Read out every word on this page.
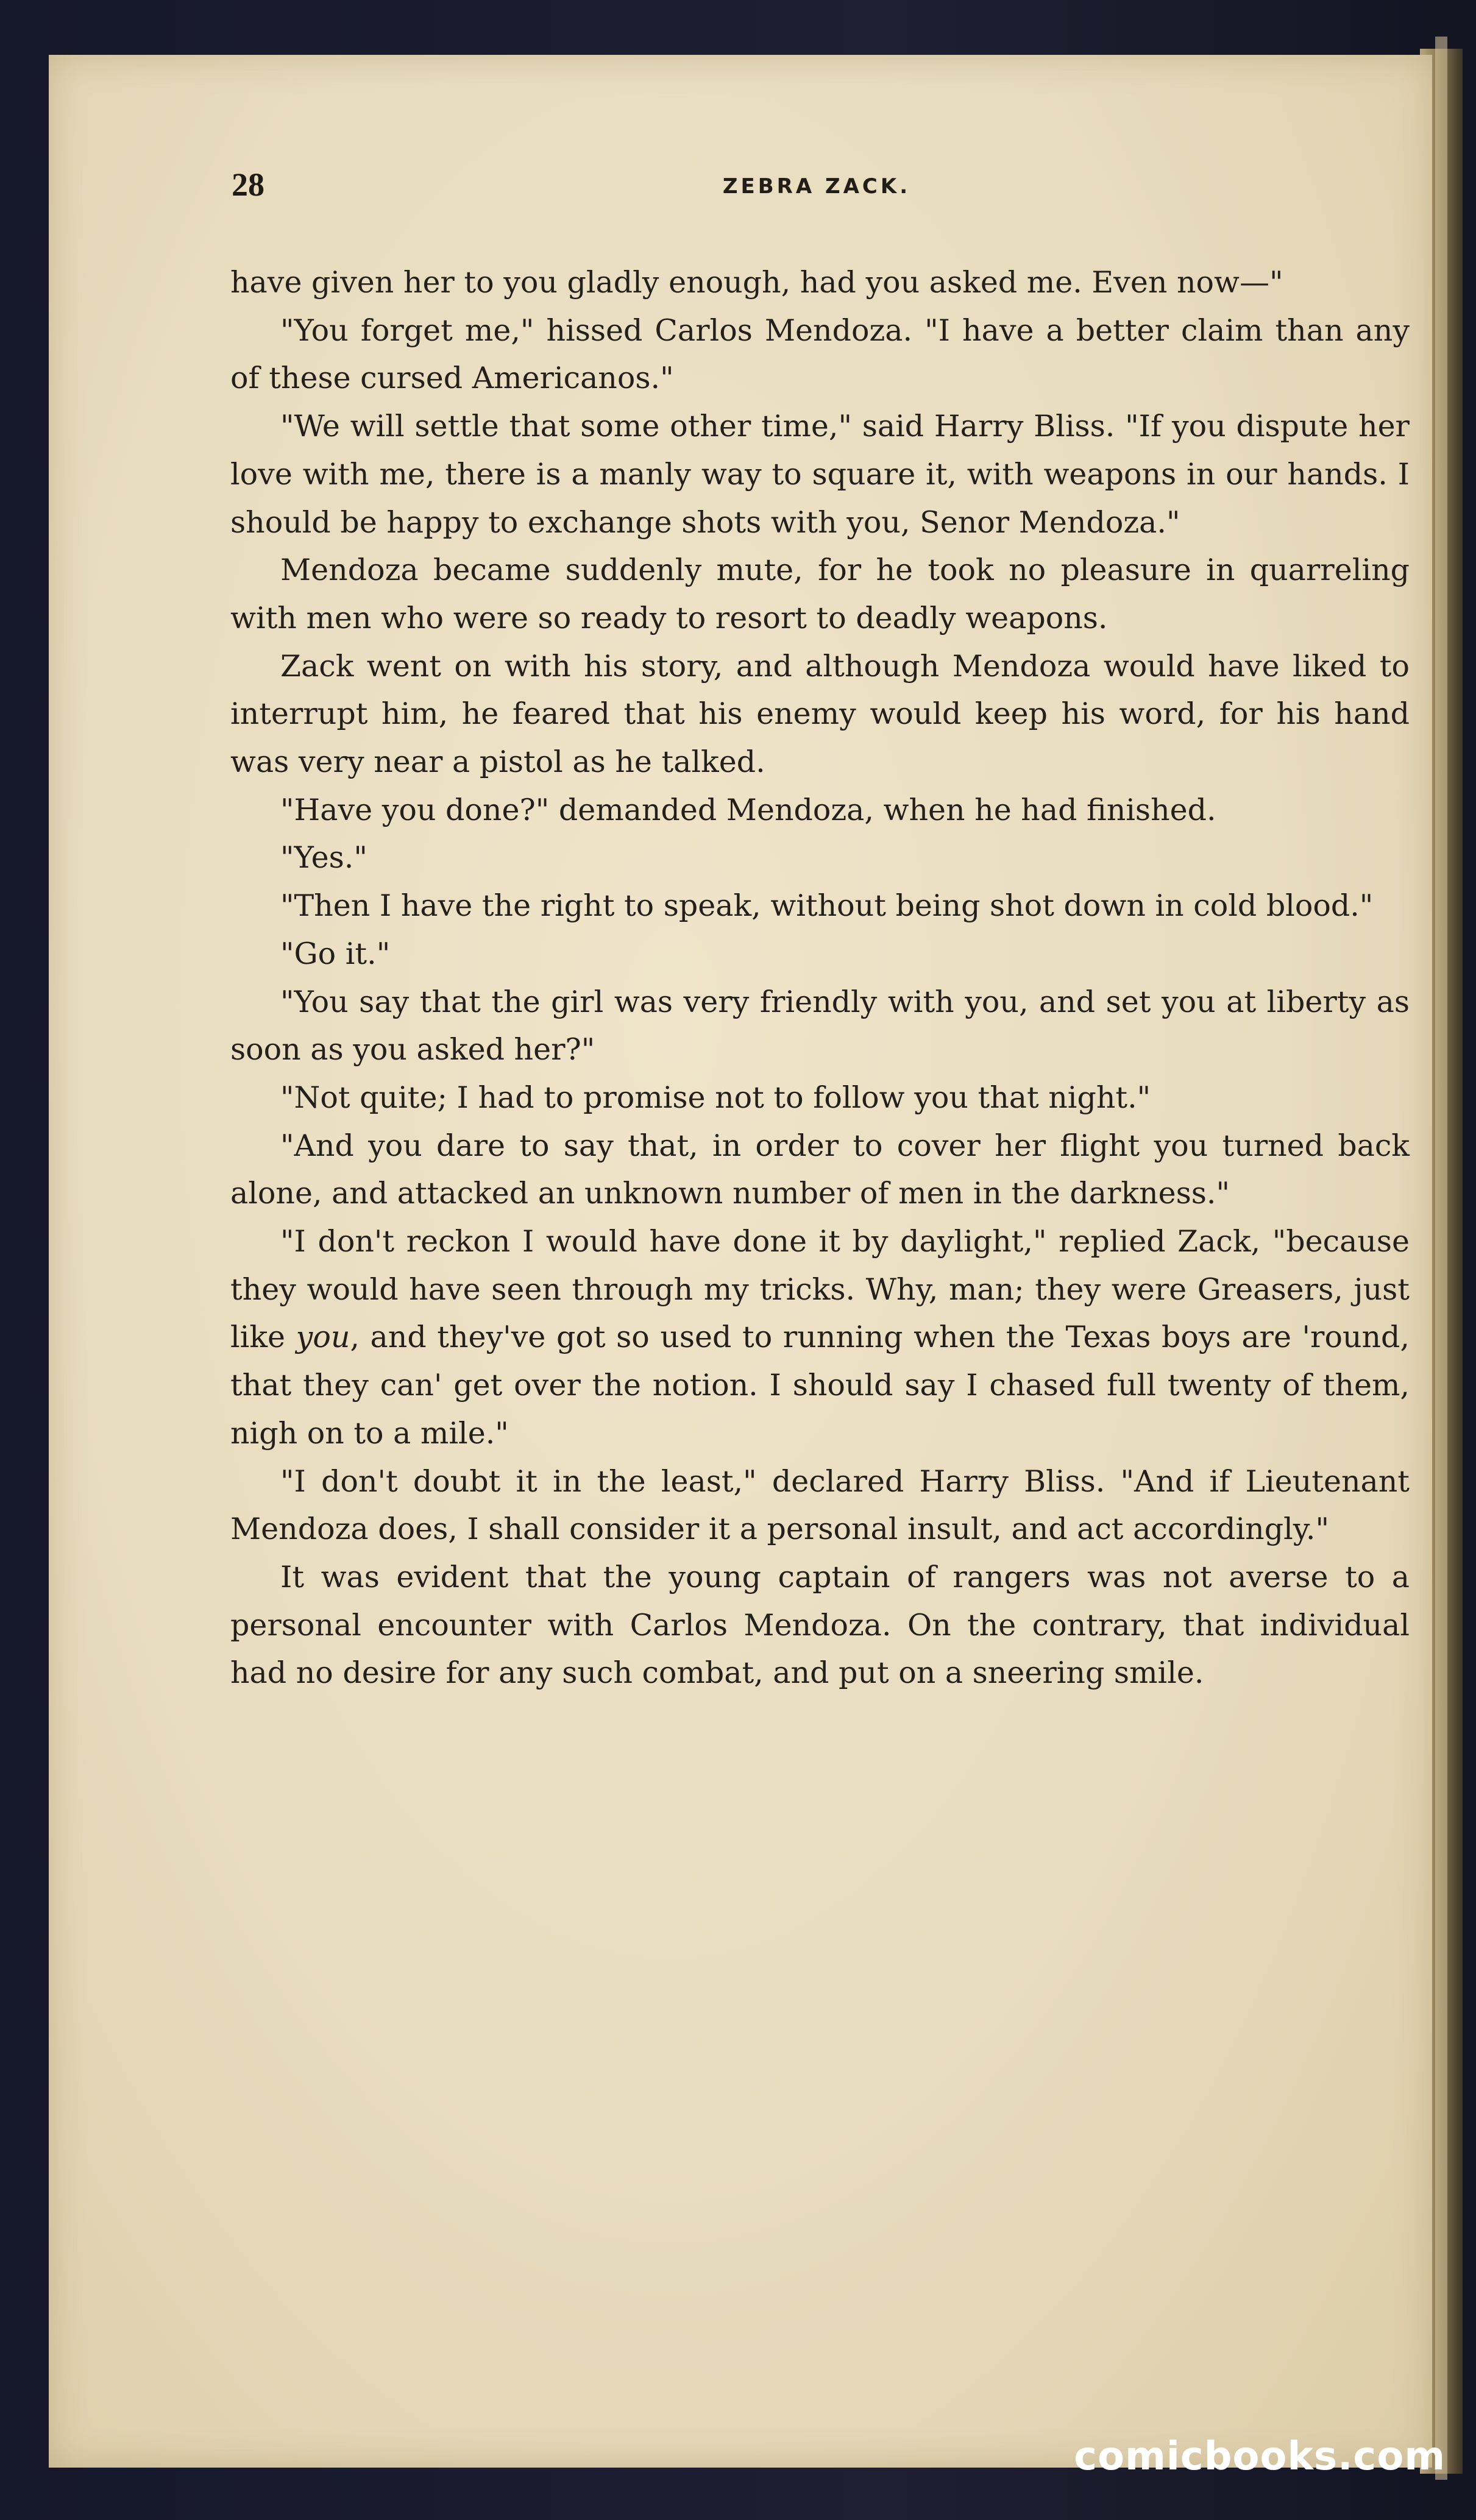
28	ZEBRA ZACK.

have given her to you gladly enough, had you asked me. Even now—"

"You forget me," hissed Carlos Mendoza. "I have a better claim than any of these cursed Americanos."

"We will settle that some other time," said Harry Bliss. "If you dispute her love with me, there is a manly way to square it, with weapons in our hands. I should be happy to exchange shots with you, Senor Mendoza."

Mendoza became suddenly mute, for he took no pleasure in quarreling with men who were so ready to resort to deadly weapons.

Zack went on with his story, and although Mendoza would have liked to interrupt him, he feared that his enemy would keep his word, for his hand was very near a pistol as he talked.

"Have you done?" demanded Mendoza, when he had finished.

"Yes."

"Then I have the right to speak, without being shot down in cold blood."

"Go it."

"You say that the girl was very friendly with you, and set you at liberty as soon as you asked her?"

"Not quite; I had to promise not to follow you that night."

"And you dare to say that, in order to cover her flight you turned back alone, and attacked an unknown number of men in the darkness."

"I don't reckon I would have done it by daylight," replied Zack, "because they would have seen through my tricks. Why, man; they were Greasers, just like you, and they've got so used to running when the Texas boys are 'round, that they can' get over the notion. I should say I chased full twenty of them, nigh on to a mile."

"I don't doubt it in the least," declared Harry Bliss. "And if Lieutenant Mendoza does, I shall consider it a personal insult, and act accordingly."

It was evident that the young captain of rangers was not averse to a personal encounter with Carlos Mendoza. On the contrary, that individual had no desire for any such combat, and put on a sneering smile.

comicbooks.com
